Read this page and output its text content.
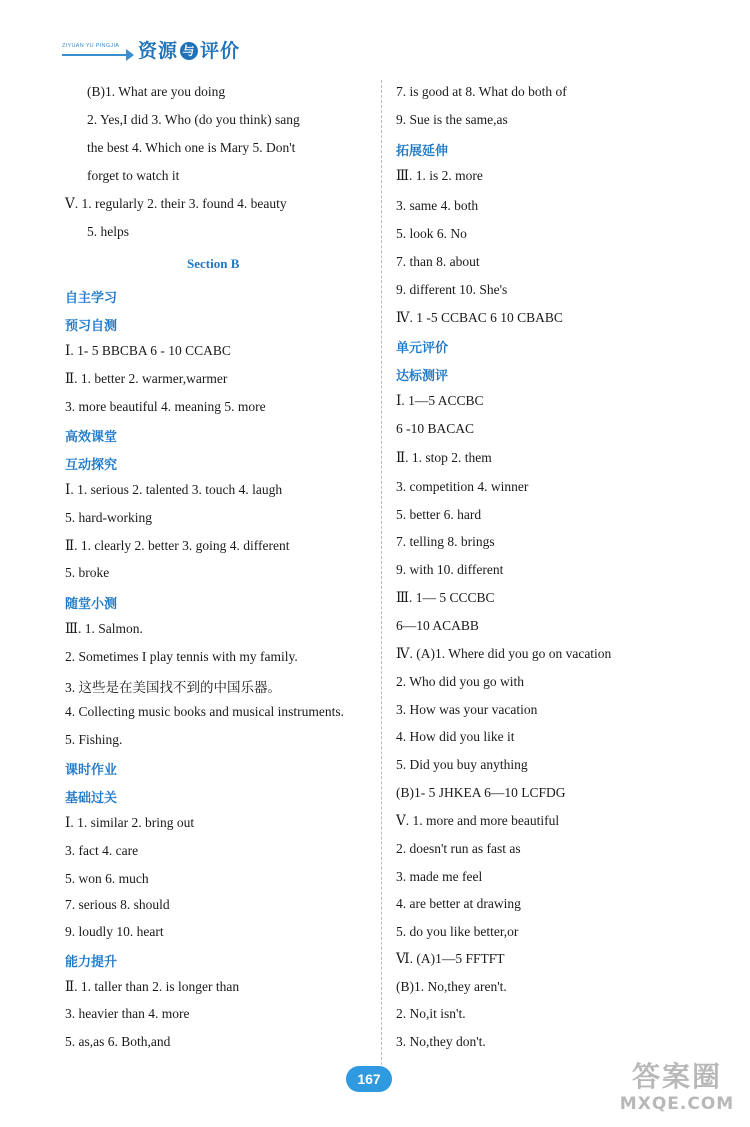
ZIYUAN YU PINGJIA 资源 与 评价
(B)1. What are you doing
2. Yes,I did 3. Who (do you think) sang
the best 4. Which one is Mary 5. Don't
forget to watch it
Ⅴ. 1. regularly 2. their 3. found 4. beauty
5. helps
Section B
自主学习
预习自测
Ⅰ. 1- 5 BBCBA 6 - 10 CCABC
Ⅱ. 1. better 2. warmer,warmer
3. more beautiful 4. meaning 5. more
高效课堂
互动探究
Ⅰ. 1. serious 2. talented 3. touch 4. laugh
5. hard-working
Ⅱ. 1. clearly 2. better 3. going 4. different
5. broke
随堂小测
Ⅲ. 1. Salmon.
2. Sometimes I play tennis with my family.
3. 这些是在美国找不到的中国乐器。
4. Collecting music books and musical instruments.
5. Fishing.
课时作业
基础过关
Ⅰ. 1. similar 2. bring out
3. fact 4. care
5. won 6. much
7. serious 8. should
9. loudly 10. heart
能力提升
Ⅱ. 1. taller than 2. is longer than
3. heavier than 4. more
5. as,as 6. Both,and
7. is good at 8. What do both of
9. Sue is the same,as
拓展延伸
Ⅲ. 1. is 2. more
3. same 4. both
5. look 6. No
7. than 8. about
9. different 10. She's
Ⅳ. 1 -5 CCBAC 6 10 CBABC
单元评价
达标测评
Ⅰ. 1—5 ACCBC
6 -10 BACAC
Ⅱ. 1. stop 2. them
3. competition 4. winner
5. better 6. hard
7. telling 8. brings
9. with 10. different
Ⅲ. 1— 5 CCCBC
6—10 ACABB
Ⅳ. (A)1. Where did you go on vacation
2. Who did you go with
3. How was your vacation
4. How did you like it
5. Did you buy anything
(B)1- 5 JHKEA 6—10 LCFDG
Ⅴ. 1. more and more beautiful
2. doesn't run as fast as
3. made me feel
4. are better at drawing
5. do you like better,or
Ⅵ. (A)1—5 FFTFT
(B)1. No,they aren't.
2. No,it isn't.
3. No,they don't.
167	答案圈
MXQE.COM
